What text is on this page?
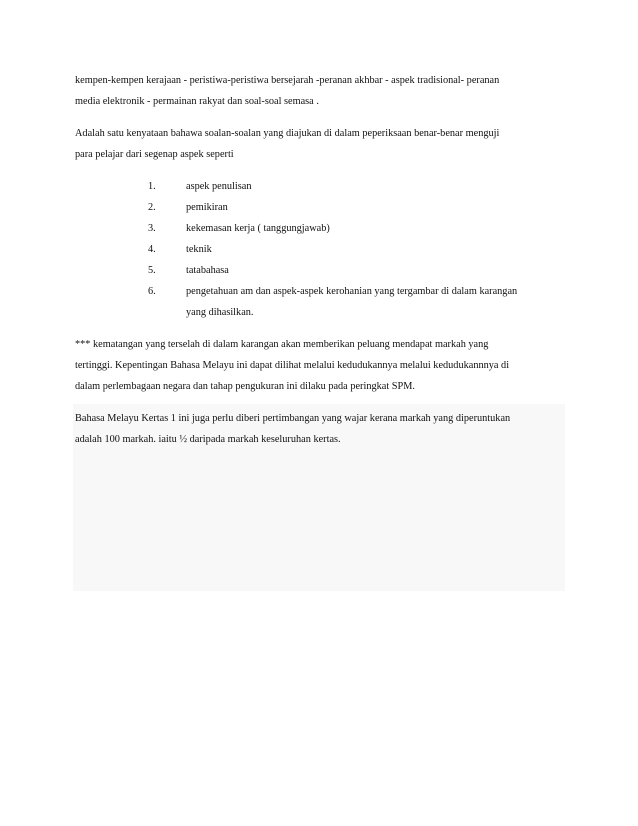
kempen-kempen kerajaan - peristiwa-peristiwa bersejarah -peranan akhbar - aspek tradisional- peranan
media elektronik - permainan rakyat dan soal-soal semasa .

Adalah satu kenyataan bahawa soalan-soalan yang diajukan di dalam peperiksaan benar-benar menguji
para pelajar dari segenap aspek seperti

1.	aspek penulisan
2.	pemikiran
3.	kekemasan kerja ( tanggungjawab)
4.	teknik
5.	tatabahasa
6.	pengetahuan am dan aspek-aspek kerohanian yang tergambar di dalam karangan
yang dihasilkan.

*** kematangan yang terselah di dalam karangan akan memberikan peluang mendapat markah yang
tertinggi. Kepentingan Bahasa Melayu ini dapat dilihat melalui kedudukannya melalui kedudukannnya di
dalam perlembagaan negara dan tahap pengukuran ini dilaku pada peringkat SPM.

Bahasa Melayu Kertas 1 ini juga perlu diberi pertimbangan yang wajar kerana markah yang diperuntukan
adalah 100 markah. iaitu ½ daripada markah keseluruhan kertas.
